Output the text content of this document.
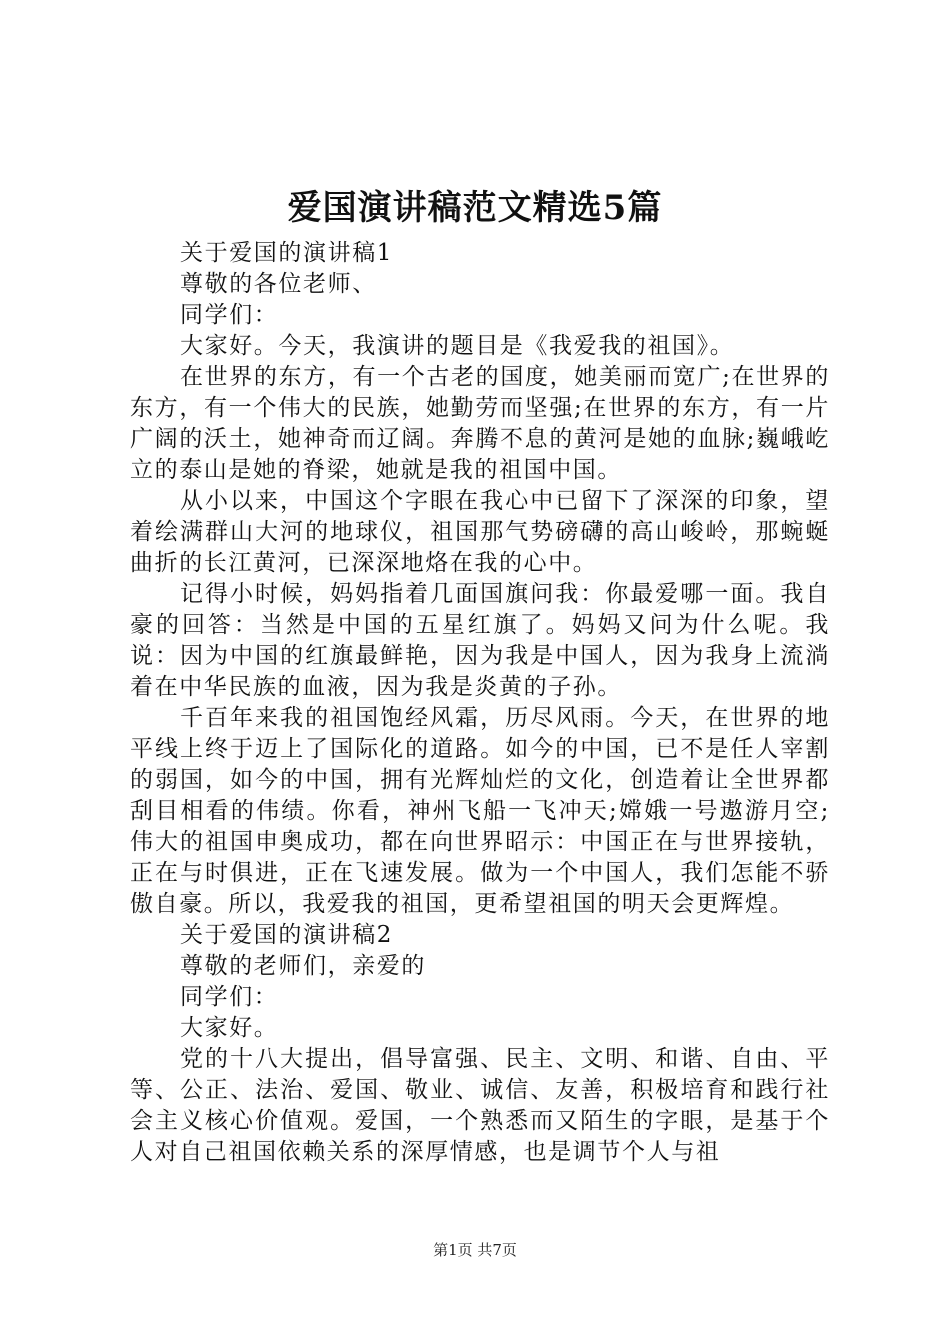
爱国演讲稿范文精选5篇

关于爱国的演讲稿1

尊敬的各位老师、

同学们：

大家好。今天，我演讲的题目是《我爱我的祖国》。

在世界的东方，有一个古老的国度，她美丽而宽广;在世界的东方，有一个伟大的民族，她勤劳而坚强;在世界的东方，有一片广阔的沃土，她神奇而辽阔。奔腾不息的黄河是她的血脉;巍峨屹立的泰山是她的脊梁，她就是我的祖国中国。

从小以来，中国这个字眼在我心中已留下了深深的印象，望着绘满群山大河的地球仪，祖国那气势磅礴的高山峻岭，那蜿蜒曲折的长江黄河，已深深地烙在我的心中。

记得小时候，妈妈指着几面国旗问我：你最爱哪一面。我自豪的回答：当然是中国的五星红旗了。妈妈又问为什么呢。我说：因为中国的红旗最鲜艳，因为我是中国人，因为我身上流淌着在中华民族的血液，因为我是炎黄的子孙。

千百年来我的祖国饱经风霜，历尽风雨。今天，在世界的地平线上终于迈上了国际化的道路。如今的中国，已不是任人宰割的弱国，如今的中国，拥有光辉灿烂的文化，创造着让全世界都刮目相看的伟绩。你看，神州飞船一飞冲天;嫦娥一号遨游月空;伟大的祖国申奥成功，都在向世界昭示：中国正在与世界接轨，正在与时俱进，正在飞速发展。做为一个中国人，我们怎能不骄傲自豪。所以，我爱我的祖国，更希望祖国的明天会更辉煌。

关于爱国的演讲稿2

尊敬的老师们，亲爱的

同学们：

大家好。

党的十八大提出，倡导富强、民主、文明、和谐、自由、平等、公正、法治、爱国、敬业、诚信、友善，积极培育和践行社会主义核心价值观。爱国，一个熟悉而又陌生的字眼，是基于个人对自己祖国依赖关系的深厚情感，也是调节个人与祖

第1页 共7页
